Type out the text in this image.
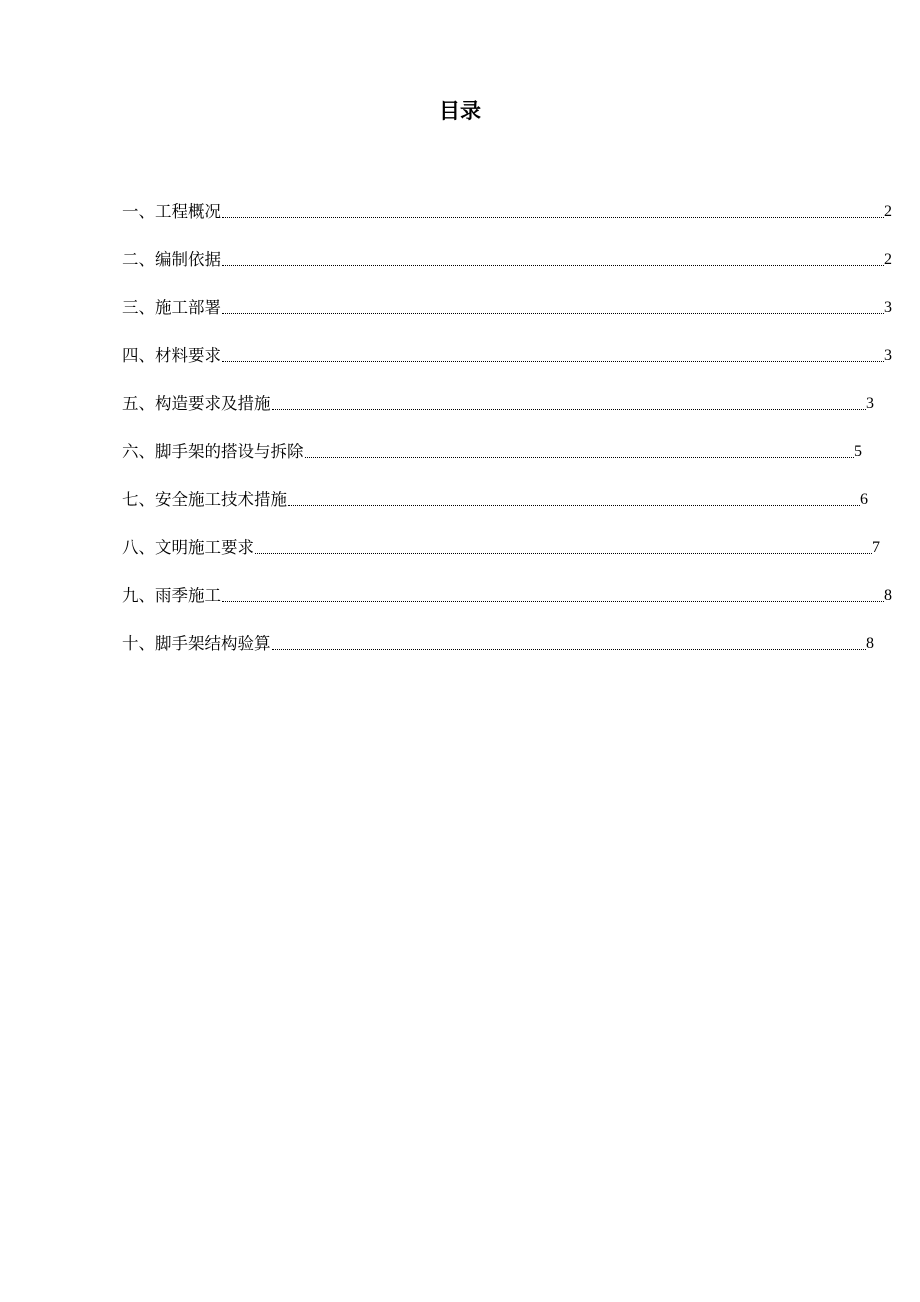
目录
一、工程概况	2
二、编制依据	2
三、施工部署	3
四、材料要求	3
五、构造要求及措施	3
六、脚手架的搭设与拆除	5
七、安全施工技术措施	6
八、文明施工要求	7
九、雨季施工	8
十、脚手架结构验算	8
